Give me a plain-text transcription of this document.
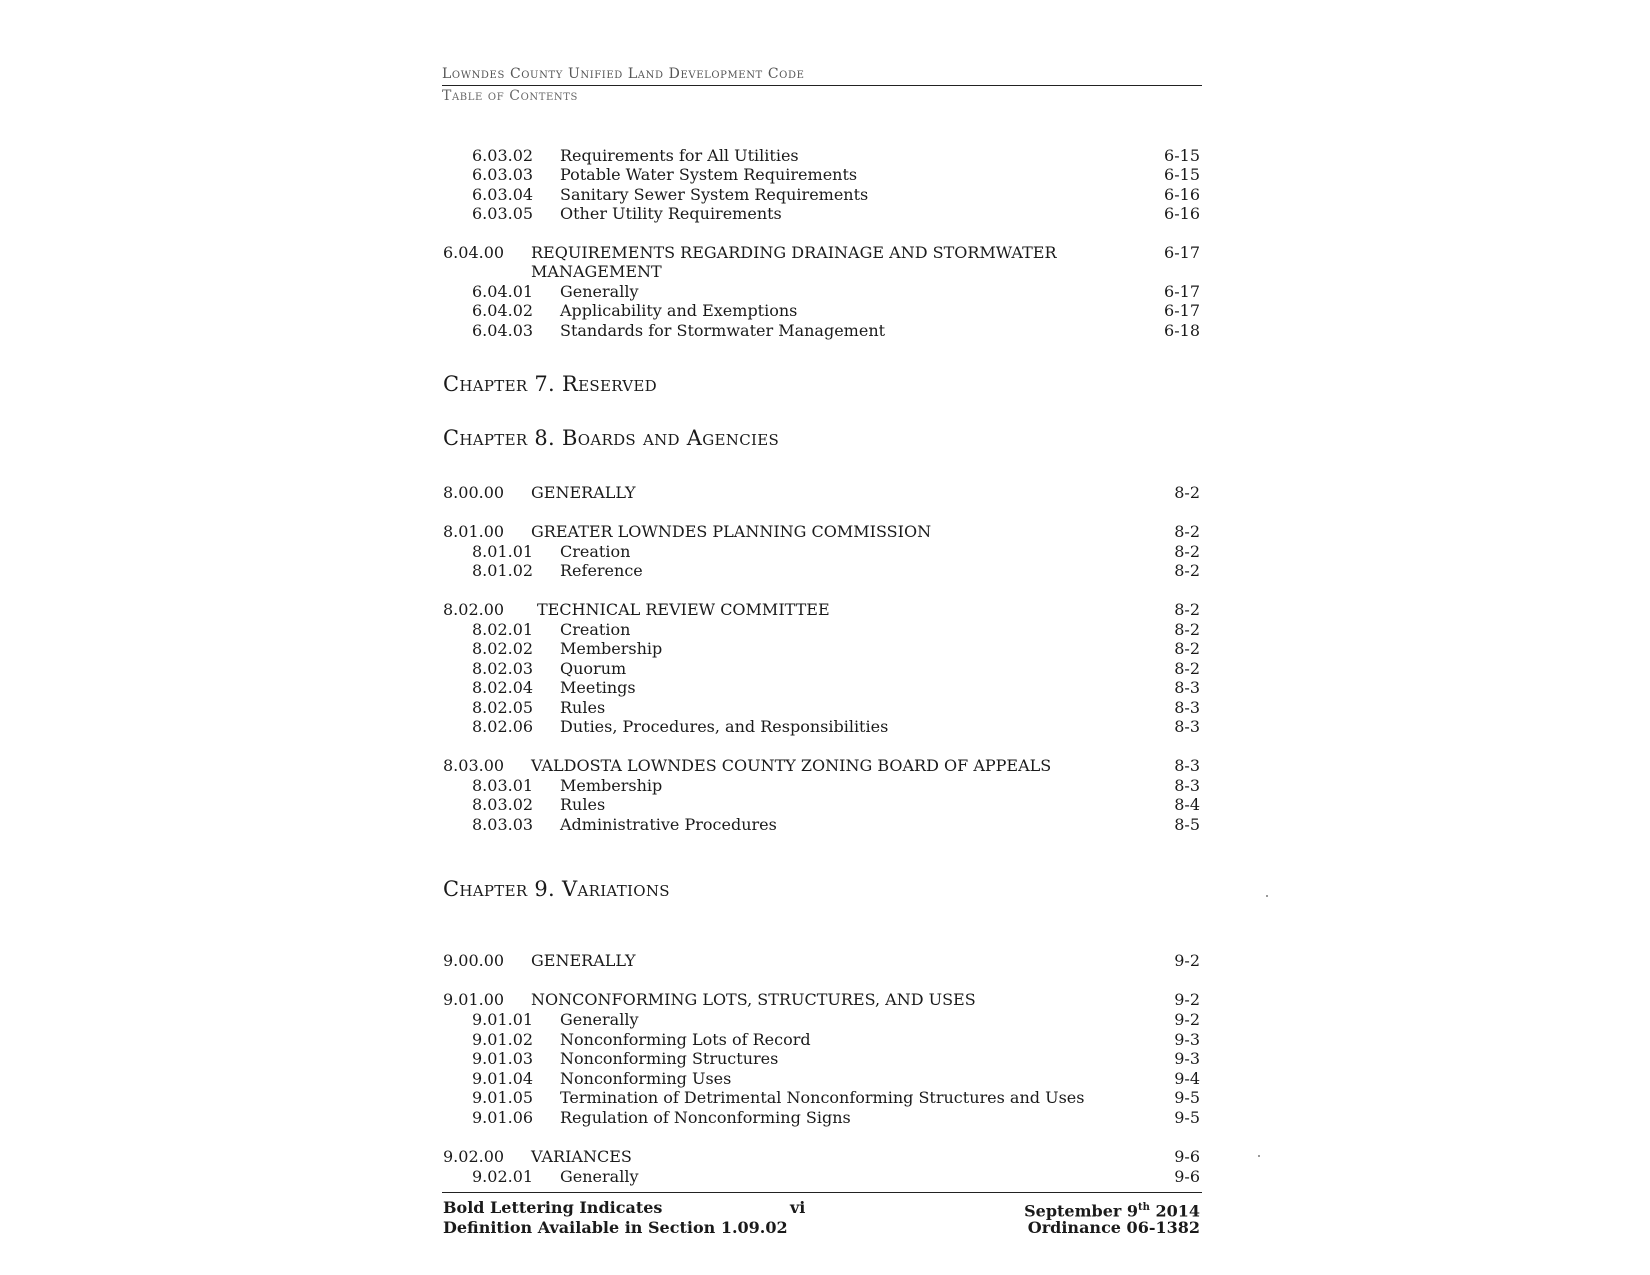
Lowndes County Unified Land Development Code
Table of Contents
Chapter 7. Reserved
Chapter 8. Boards and Agencies
Chapter 9. Variations
6.03.02 Requirements for All Utilities	6-15
6.03.03 Potable Water System Requirements	6-15
6.03.04 Sanitary Sewer System Requirements	6-16
6.03.05 Other Utility Requirements	6-16
6.04.00 REQUIREMENTS REGARDING DRAINAGE AND STORMWATER	6-17
MANAGEMENT
6.04.01 Generally	6-17
6.04.02 Applicability and Exemptions	6-17
6.04.03 Standards for Stormwater Management	6-18
8.00.00 GENERALLY	8-2
8.01.00 GREATER LOWNDES PLANNING COMMISSION	8-2
8.01.01 Creation	8-2
8.01.02 Reference	8-2
8.02.00 TECHNICAL REVIEW COMMITTEE	8-2
8.02.01 Creation	8-2
8.02.02 Membership	8-2
8.02.03 Quorum	8-2
8.02.04 Meetings	8-3
8.02.05 Rules	8-3
8.02.06 Duties, Procedures, and Responsibilities	8-3
8.03.00 VALDOSTA LOWNDES COUNTY ZONING BOARD OF APPEALS	8-3
8.03.01 Membership	8-3
8.03.02 Rules	8-4
8.03.03 Administrative Procedures	8-5
9.00.00 GENERALLY	9-2
9.01.00 NONCONFORMING LOTS, STRUCTURES, AND USES	9-2
9.01.01 Generally	9-2
9.01.02 Nonconforming Lots of Record	9-3
9.01.03 Nonconforming Structures	9-3
9.01.04 Nonconforming Uses	9-4
9.01.05 Termination of Detrimental Nonconforming Structures and Uses	9-5
9.01.06 Regulation of Nonconforming Signs	9-5
9.02.00 VARIANCES	9-6
9.02.01 Generally	9-6
Bold Lettering Indicates
Definition Available in Section 1.09.02
vi	September 9th 2014
Ordinance 06-1382
